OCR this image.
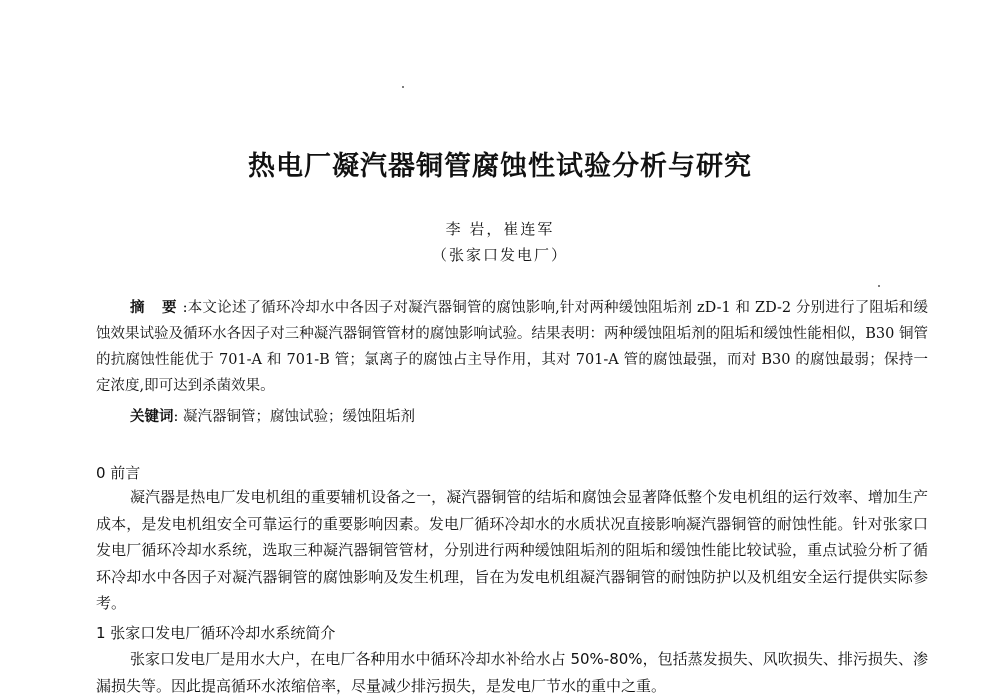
热电厂凝汽器铜管腐蚀性试验分析与研究
李 岩，崔连军
（张家口发电厂）
摘 要:本文论述了循环冷却水中各因子对凝汽器铜管的腐蚀影响,针对两种缓蚀阻垢剂 zD-1 和 ZD-2 分别进行了阻垢和缓蚀效果试验及循环水各因子对三种凝汽器铜管管材的腐蚀影响试验。结果表明：两种缓蚀阻垢剂的阻垢和缓蚀性能相似，B30 铜管的抗腐蚀性能优于 701-A 和 701-B 管；氯离子的腐蚀占主导作用，其对 701-A 管的腐蚀最强，而对 B30 的腐蚀最弱；保持一定浓度,即可达到杀菌效果。
关键词: 凝汽器铜管；腐蚀试验；缓蚀阻垢剂
0 前言
凝汽器是热电厂发电机组的重要辅机设备之一，凝汽器铜管的结垢和腐蚀会显著降低整个发电机组的运行效率、增加生产成本，是发电机组安全可靠运行的重要影响因素。发电厂循环冷却水的水质状况直接影响凝汽器铜管的耐蚀性能。针对张家口发电厂循环冷却水系统，选取三种凝汽器铜管管材，分别进行两种缓蚀阻垢剂的阻垢和缓蚀性能比较试验，重点试验分析了循环冷却水中各因子对凝汽器铜管的腐蚀影响及发生机理，旨在为发电机组凝汽器铜管的耐蚀防护以及机组安全运行提供实际参考。
1 张家口发电厂循环冷却水系统简介
张家口发电厂是用水大户，在电厂各种用水中循环冷却水补给水占 50%-80%，包括蒸发损失、风吹损失、排污损失、渗漏损失等。因此提高循环水浓缩倍率，尽量减少排污损失，是发电厂节水的重中之重。
